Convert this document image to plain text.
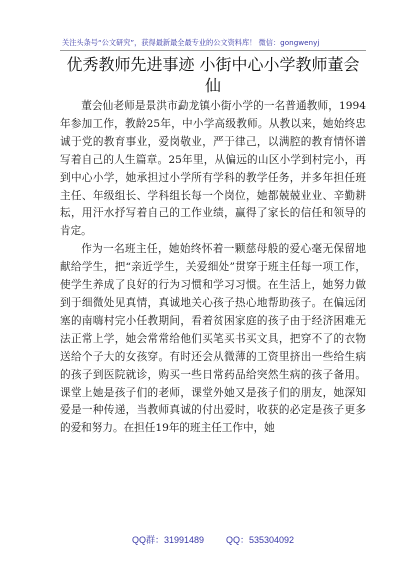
关注头条号“公文研究”，获得最新最全最专业的公文资料库！ 微信：gongwenyj
优秀教师先进事迹 小街中心小学教师董会仙

董会仙老师是景洪市勐龙镇小街小学的一名普通教师，1994年参加工作，教龄25年，中小学高级教师。从教以来，她始终忠诚于党的教育事业，爱岗敬业，严于律己，以满腔的教育情怀谱写着自己的人生篇章。25年里，从偏远的山区小学到村完小，再到中心小学，她承担过小学所有学科的教学任务，并多年担任班主任、年级组长、学科组长每一个岗位，她都兢兢业业、辛勤耕耘，用汗水抒写着自己的工作业绩，赢得了家长的信任和领导的肯定。

作为一名班主任，她始终怀着一颗慈母般的爱心毫无保留地献给学生，把“亲近学生，关爱细处”贯穿于班主任每一项工作，使学生养成了良好的行为习惯和学习习惯。在生活上，她努力做到于细微处见真情，真诚地关心孩子热心地帮助孩子。在偏远闭塞的南嗨村完小任教期间，看着贫困家庭的孩子由于经济困难无法正常上学，她会常常给他们买笔买书买文具，把穿不了的衣物送给个子大的女孩穿。有时还会从微薄的工资里挤出一些给生病的孩子到医院就诊，购买一些日常药品给突然生病的孩子备用。课堂上她是孩子们的老师，课堂外她又是孩子们的朋友，她深知爱是一种传递，当教师真诚的付出爱时，收获的必定是孩子更多的爱和努力。在担任19年的班主任工作中，她

QQ群：31991489 QQ：535304092
